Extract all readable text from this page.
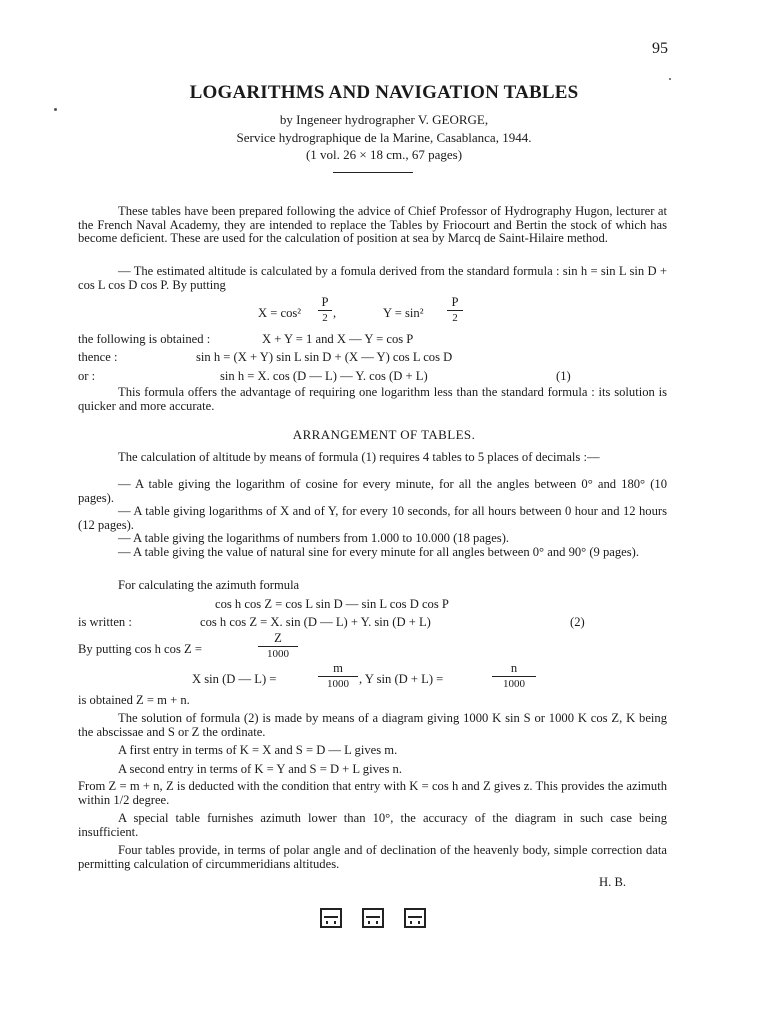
95
LOGARITHMS AND NAVIGATION TABLES
by Ingeneer hydrographer V. GEORGE,
Service hydrographique de la Marine, Casablanca, 1944.
(1 vol. 26 × 18 cm., 67 pages)
These tables have been prepared following the advice of Chief Professor of Hydrography Hugon, lecturer at the French Naval Academy, they are intended to replace the Tables by Friocourt and Bertin the stock of which has become deficient. These are used for the calculation of position at sea by Marcq de Saint-Hilaire method.
— The estimated altitude is calculated by a fomula derived from the standard formula : sin h = sin L sin D + cos L cos D cos P. By putting
X = cos²
P
2 ,	Y = sin²
P
2
the following is obtained :	X + Y = 1 and X — Y = cos P
thence :	sin h = (X + Y) sin L sin D + (X — Y) cos L cos D
or :	sin h = X. cos (D — L) — Y. cos (D + L)	(1)
This formula offers the advantage of requiring one logarithm less than the standard formula : its solution is quicker and more accurate.
ARRANGEMENT OF TABLES.
The calculation of altitude by means of formula (1) requires 4 tables to 5 places of decimals :—
— A table giving the logarithm of cosine for every minute, for all the angles between 0° and 180° (10 pages).
— A table giving logarithms of X and of Y, for every 10 seconds, for all hours between 0 hour and 12 hours (12 pages).
— A table giving the logarithms of numbers from 1.000 to 10.000 (18 pages).
— A table giving the value of natural sine for every minute for all angles between 0° and 90° (9 pages).
For calculating the azimuth formula
cos h cos Z = cos L sin D — sin L cos D cos P
is written :	cos h cos Z = X. sin (D — L) + Y. sin (D + L)	(2)
By putting cos h cos Z =
Z
1000
X sin (D — L) =
m
1000 , Y sin (D + L) =
n
1000
is obtained Z = m + n.
The solution of formula (2) is made by means of a diagram giving 1000 K sin S or 1000 K cos Z, K being the abscissae and S or Z the ordinate.
A first entry in terms of K = X and S = D — L gives m.
A second entry in terms of K = Y and S = D + L gives n.
From Z = m + n, Z is deducted with the condition that entry with K = cos h and Z gives z. This provides the azimuth within 1/2 degree.
A special table furnishes azimuth lower than 10°, the accuracy of the diagram in such case being insufficient.
Four tables provide, in terms of polar angle and of declination of the heavenly body, simple correction data permitting calculation of circummeridians altitudes.
H. B.
